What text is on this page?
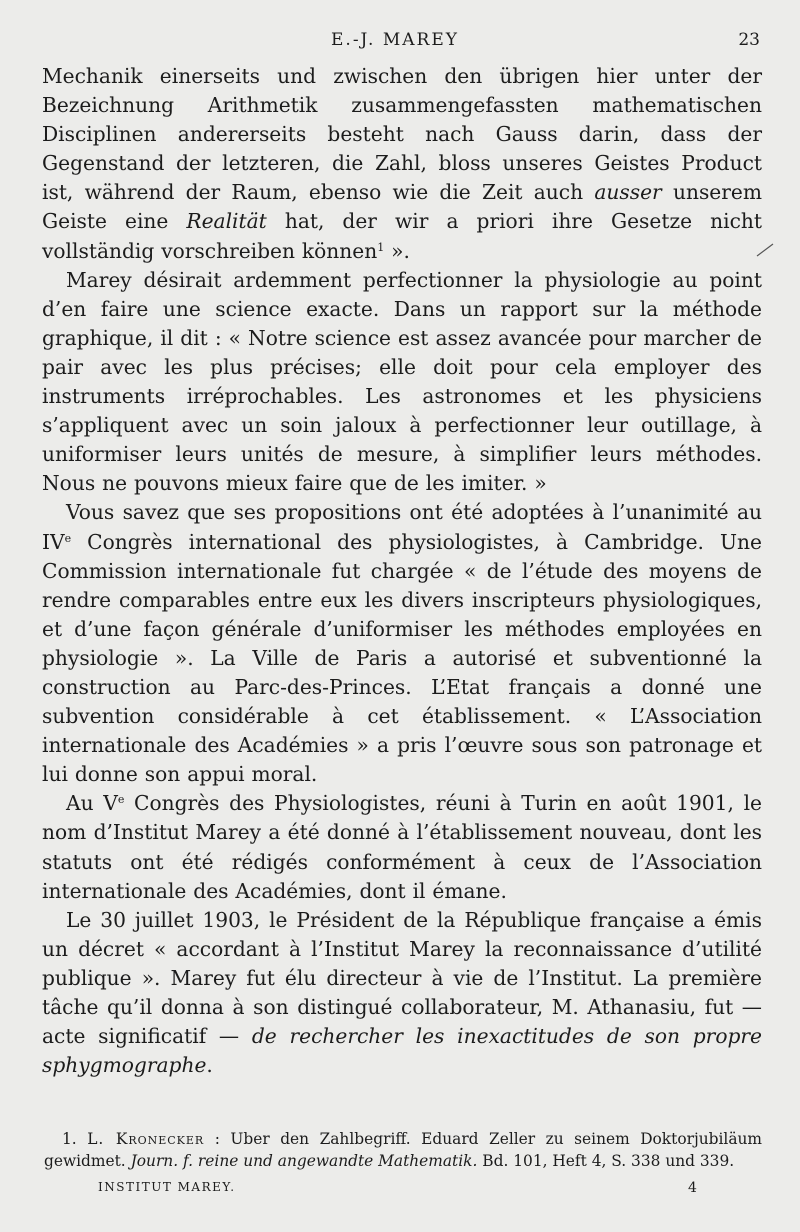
E.-J. MAREY	23

Mechanik einerseits und zwischen den übrigen hier unter der Bezeichnung Arithmetik zusammengefassten mathematischen Disciplinen andererseits besteht nach Gauss darin, dass der Gegenstand der letzteren, die Zahl, bloss unseres Geistes Product ist, während der Raum, ebenso wie die Zeit auch ausser unserem Geiste eine Realität hat, der wir a priori ihre Gesetze nicht vollständig vorschreiben können$^1$ ».

Marey désirait ardemment perfectionner la physiologie au point d’en faire une science exacte. Dans un rapport sur la méthode graphique, il dit : « Notre science est assez avancée pour marcher de pair avec les plus précises; elle doit pour cela employer des instruments irréprochables. Les astronomes et les physiciens s’appliquent avec un soin jaloux à perfectionner leur outillage, à uniformiser leurs unités de mesure, à simplifier leurs méthodes. Nous ne pouvons mieux faire que de les imiter. »

Vous savez que ses propositions ont été adoptées à l’unanimité au IVe Congrès international des physiologistes, à Cambridge. Une Commission internationale fut chargée « de l’étude des moyens de rendre comparables entre eux les divers inscripteurs physiologiques, et d’une façon générale d’uniformiser les méthodes employées en physiologie ». La Ville de Paris a autorisé et subventionné la construction au Parc-des-Princes. L’Etat français a donné une subvention considérable à cet établissement. « L’Association internationale des Académies » a pris l’œuvre sous son patronage et lui donne son appui moral.

Au Ve Congrès des Physiologistes, réuni à Turin en août 1901, le nom d’Institut Marey a été donné à l’établissement nouveau, dont les statuts ont été rédigés conformément à ceux de l’Association internationale des Académies, dont il émane.

Le 30 juillet 1903, le Président de la République française a émis un décret « accordant à l’Institut Marey la reconnaissance d’utilité publique ». Marey fut élu directeur à vie de l’Institut. La première tâche qu’il donna à son distingué collaborateur, M. Athanasiu, fut — acte significatif — de rechercher les inexactitudes de son propre sphygmographe.

1. L. Kronecker : Uber den Zahlbegriff. Eduard Zeller zu seinem Doktorjubiläum gewidmet. Journ. f. reine und angewandte Mathematik. Bd. 101, Heft 4, S. 338 und 339.

INSTITUT MAREY.	4
